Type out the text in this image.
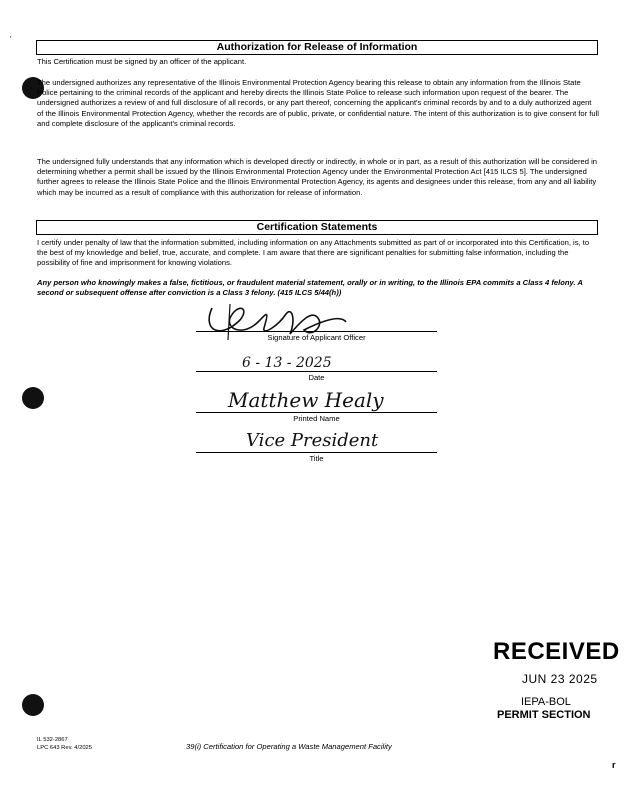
'
Authorization for Release of Information
This Certification must be signed by an officer of the applicant.
The undersigned authorizes any representative of the Illinois Environmental Protection Agency bearing this release to obtain any information from the Illinois State Police pertaining to the criminal records of the applicant and hereby directs the Illinois State Police to release such information upon request of the bearer. The undersigned authorizes a review of and full disclosure of all records, or any part thereof, concerning the applicant's criminal records by and to a duly authorized agent of the Illinois Environmental Protection Agency, whether the records are of public, private, or confidential nature. The intent of this authorization is to give consent for full and complete disclosure of the applicant's criminal records.
The undersigned fully understands that any information which is developed directly or indirectly, in whole or in part, as a result of this authorization will be considered in determining whether a permit shall be issued by the Illinois Environmental Protection Agency under the Environmental Protection Act [415 ILCS 5]. The undersigned further agrees to release the Illinois State Police and the Illinois Environmental Protection Agency, its agents and designees under this release, from any and all liability which may be incurred as a result of compliance with this authorization for release of information.
Certification Statements
I certify under penalty of law that the information submitted, including information on any Attachments submitted as part of or incorporated into this Certification, is, to the best of my knowledge and belief, true, accurate, and complete. I am aware that there are significant penalties for submitting false information, including the possibility of fine and imprisonment for knowing violations.
Any person who knowingly makes a false, fictitious, or fraudulent material statement, orally or in writing, to the Illinois EPA commits a Class 4 felony. A second or subsequent offense after conviction is a Class 3 felony. (415 ILCS 5/44(h))
Signature of Applicant Officer
6 - 13 - 2025
Date
Matthew Healy
Printed Name
Vice President
Title
RECEIVED
JUN 23 2025
IEPA-BOL
PERMIT SECTION
IL 532-2867
LPC 643 Rev. 4/2025	39(i) Certification for Operating a Waste Management Facility
r
